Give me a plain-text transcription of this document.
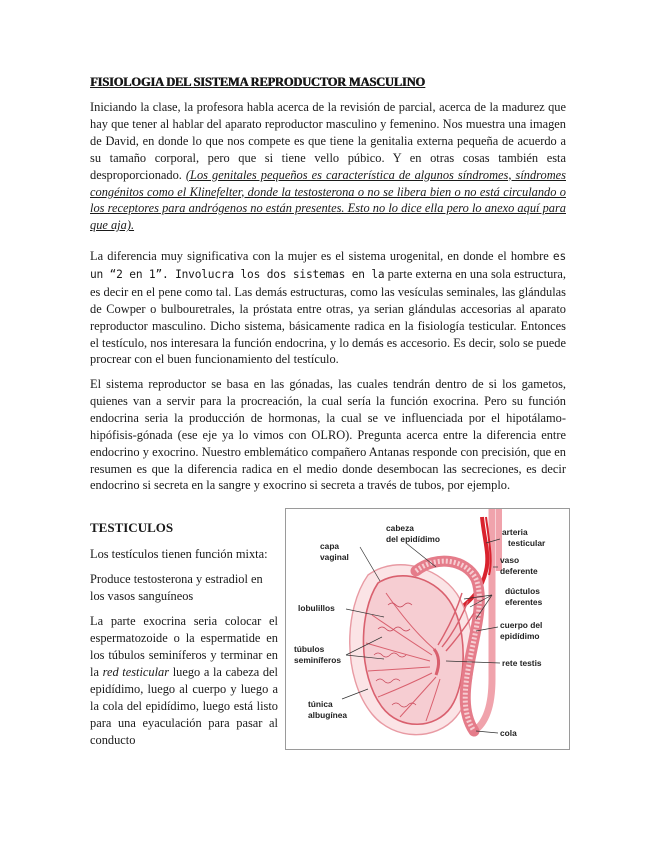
FISIOLOGIA DEL SISTEMA REPRODUCTOR MASCULINO

Iniciando la clase, la profesora habla acerca de la revisión de parcial, acerca de la madurez que hay que tener al hablar del aparato reproductor masculino y femenino. Nos muestra una imagen de David, en donde lo que nos compete es que tiene la genitalia externa pequeña de acuerdo a su tamaño corporal, pero que si tiene vello púbico. Y en otras cosas también esta desproporcionado. (Los genitales pequeños es característica de algunos síndromes, síndromes congénitos como el Klinefelter, donde la testosterona o no se libera bien o no está circulando o los receptores para andrógenos no están presentes. Esto no lo dice ella pero lo anexo aquí para que aja).

La diferencia muy significativa con la mujer es el sistema urogenital, en donde el hombre es un “2 en 1”. Involucra los dos sistemas en la parte externa en una sola estructura, es decir en el pene como tal. Las demás estructuras, como las vesículas seminales, las glándulas de Cowper o bulbouretrales, la próstata entre otras, ya serian glándulas accesorias al aparato reproductor masculino. Dicho sistema, básicamente radica en la fisiología testicular. Entonces el testículo, nos interesara la función endocrina, y lo demás es accesorio. Es decir, solo se puede procrear con el buen funcionamiento del testículo.

El sistema reproductor se basa en las gónadas, las cuales tendrán dentro de si los gametos, quienes van a servir para la procreación, la cual sería la función exocrina. Pero su función endocrina seria la producción de hormonas, la cual se ve influenciada por el hipotálamo-hipófisis-gónada (ese eje ya lo vimos con OLRO). Pregunta acerca entre la diferencia entre endocrino y exocrino. Nuestro emblemático compañero Antanas responde con precisión, que en resumen es que la diferencia radica en el medio donde desembocan las secreciones, es decir endocrino si secreta en la sangre y exocrino si secreta a través de tubos, por ejemplo.

TESTICULOS

Los testículos tienen función mixta:

Produce testosterona y estradiol en los vasos sanguíneos

La parte exocrina seria colocar el espermatozoide o la espermatide en los túbulos seminíferos y terminar en la red testicular luego a la cabeza del epidídimo, luego al cuerpo y luego a la cola del epidídimo, luego está listo para una eyaculación para pasar al conducto

cabeza
del epidídimo
capa
vaginal
lobulillos
túbulos
seminíferos
túnica
albugínea
arteria
testicular
vaso
deferente
dúctulos
eferentes
cuerpo del
epidídimo
rete testis
cola
